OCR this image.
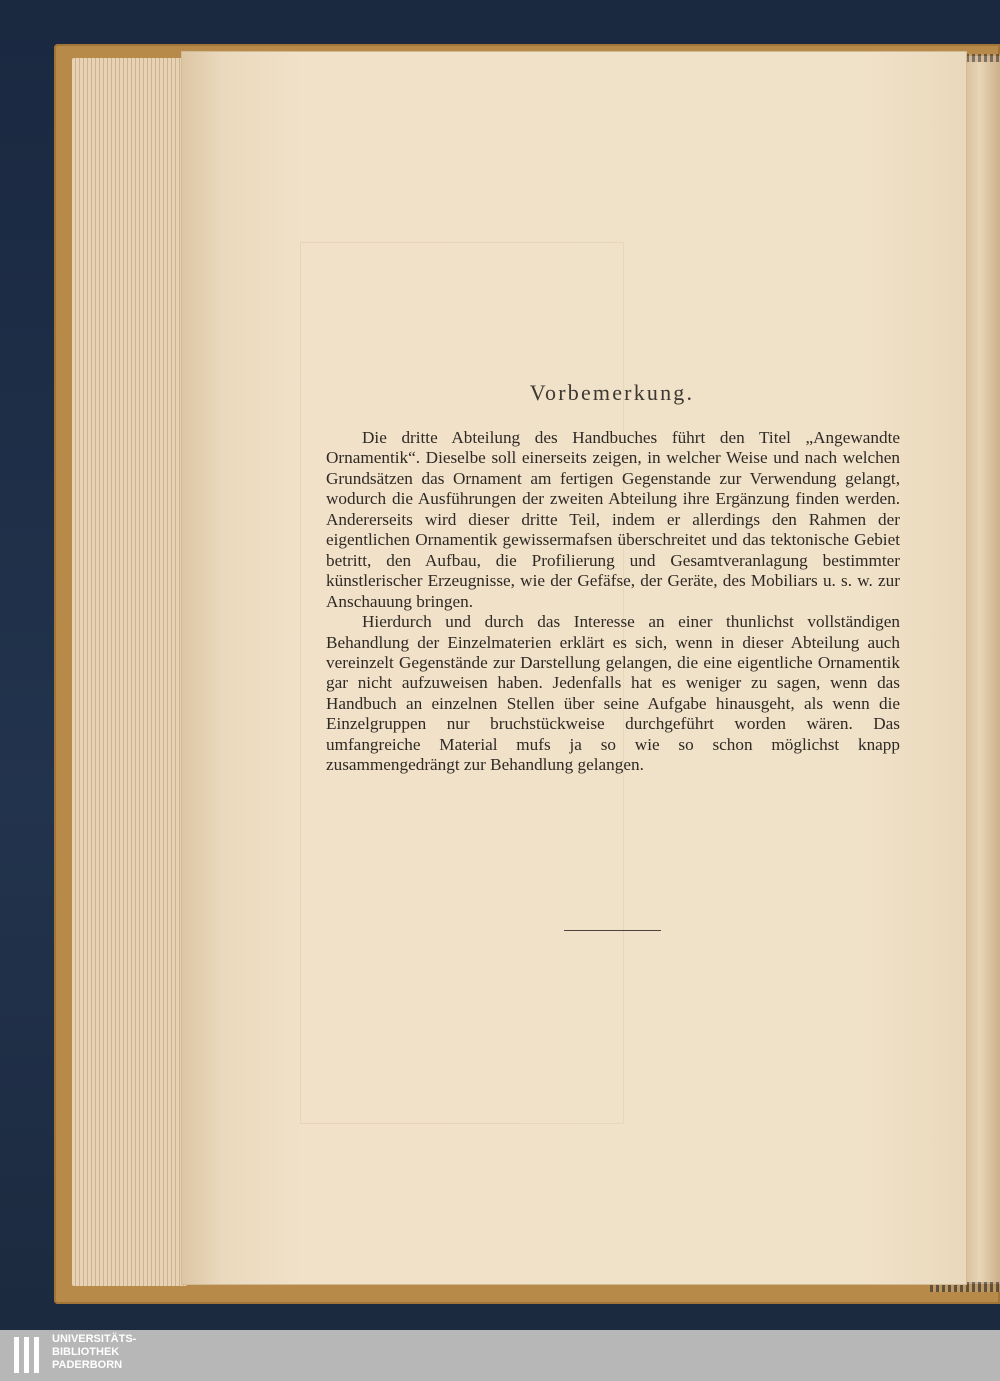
Vorbemerkung.

Die dritte Abteilung des Handbuches führt den Titel „Angewandte Ornamentik“. Dieselbe soll einerseits zeigen, in welcher Weise und nach welchen Grundsätzen das Ornament am fertigen Gegenstande zur Verwendung gelangt, wodurch die Ausführungen der zweiten Abteilung ihre Ergänzung finden werden. Andererseits wird dieser dritte Teil, indem er allerdings den Rahmen der eigentlichen Ornamentik gewissermafsen überschreitet und das tektonische Gebiet betritt, den Aufbau, die Profilierung und Gesamtveranlagung bestimmter künstlerischer Erzeugnisse, wie der Gefäfse, der Geräte, des Mobiliars u. s. w. zur Anschauung bringen.

Hierdurch und durch das Interesse an einer thunlichst vollständigen Behandlung der Einzelmaterien erklärt es sich, wenn in dieser Abteilung auch vereinzelt Gegenstände zur Darstellung gelangen, die eine eigentliche Ornamentik gar nicht aufzuweisen haben. Jedenfalls hat es weniger zu sagen, wenn das Handbuch an einzelnen Stellen über seine Aufgabe hinausgeht, als wenn die Einzelgruppen nur bruchstückweise durchgeführt worden wären. Das umfangreiche Material mufs ja so wie so schon möglichst knapp zusammengedrängt zur Behandlung gelangen.

UNIVERSITÄTS-
BIBLIOTHEK
PADERBORN
